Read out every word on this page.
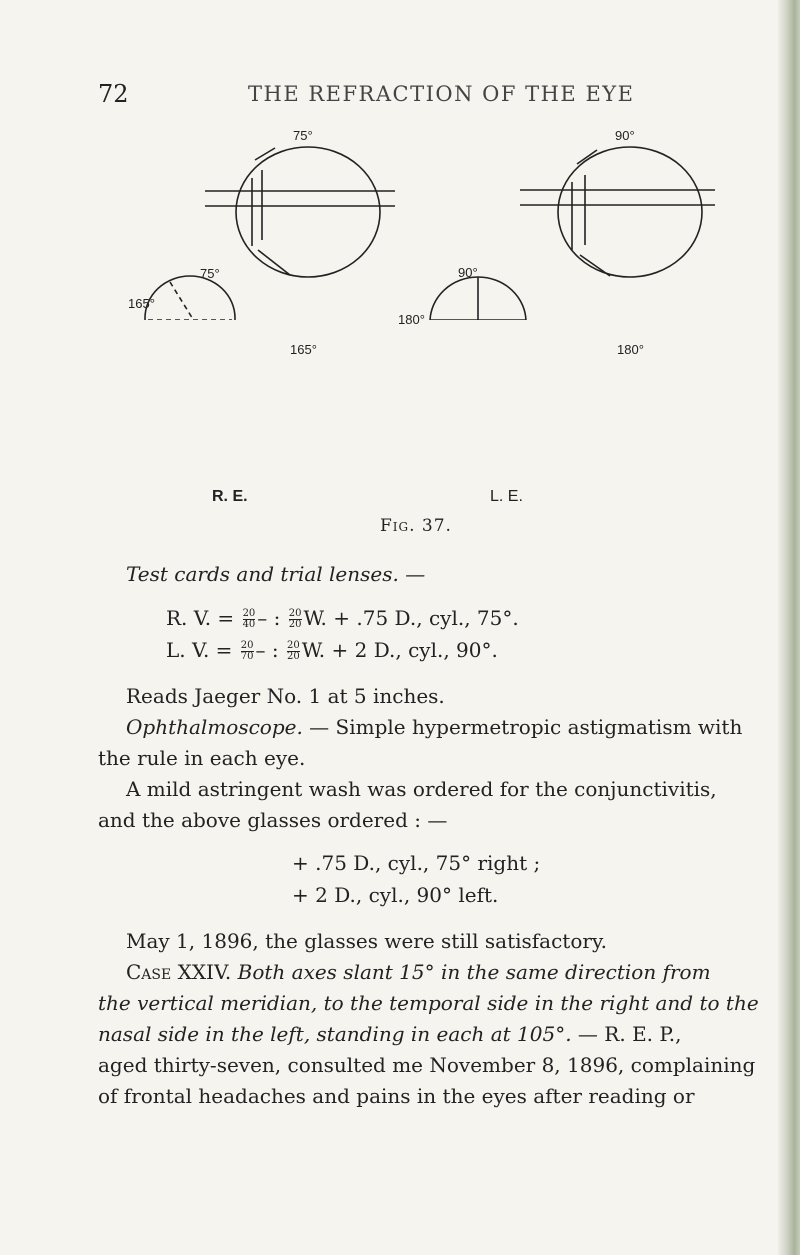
72	THE REFRACTION OF THE EYE
75°	90°
75°
165°
165°
90°
180°
180°
R. E.	L. E.
Fig. 37.
Test cards and trial lenses. —
R. V. = $\frac{20}{40}$ – : $\frac{20}{20} W$. + .75 D., cyl., 75°.
L. V. = $\frac{20}{70}$ – : $\frac{20}{20} W$. + 2 D., cyl., 90°.
Reads Jaeger No. 1 at 5 inches.
Ophthalmoscope. — Simple hypermetropic astigmatism with
the rule in each eye.
A mild astringent wash was ordered for the conjunctivitis,
and the above glasses ordered : —
+ .75 D., cyl., 75° right ;
+ 2 D., cyl., 90° left.
May 1, 1896, the glasses were still satisfactory.
Case XXIV. Both axes slant 15° in the same direction from
the vertical meridian, to the temporal side in the right and to the
nasal side in the left, standing in each at 105°. — R. E. P.,
aged thirty-seven, consulted me November 8, 1896, complaining
of frontal headaches and pains in the eyes after reading or
